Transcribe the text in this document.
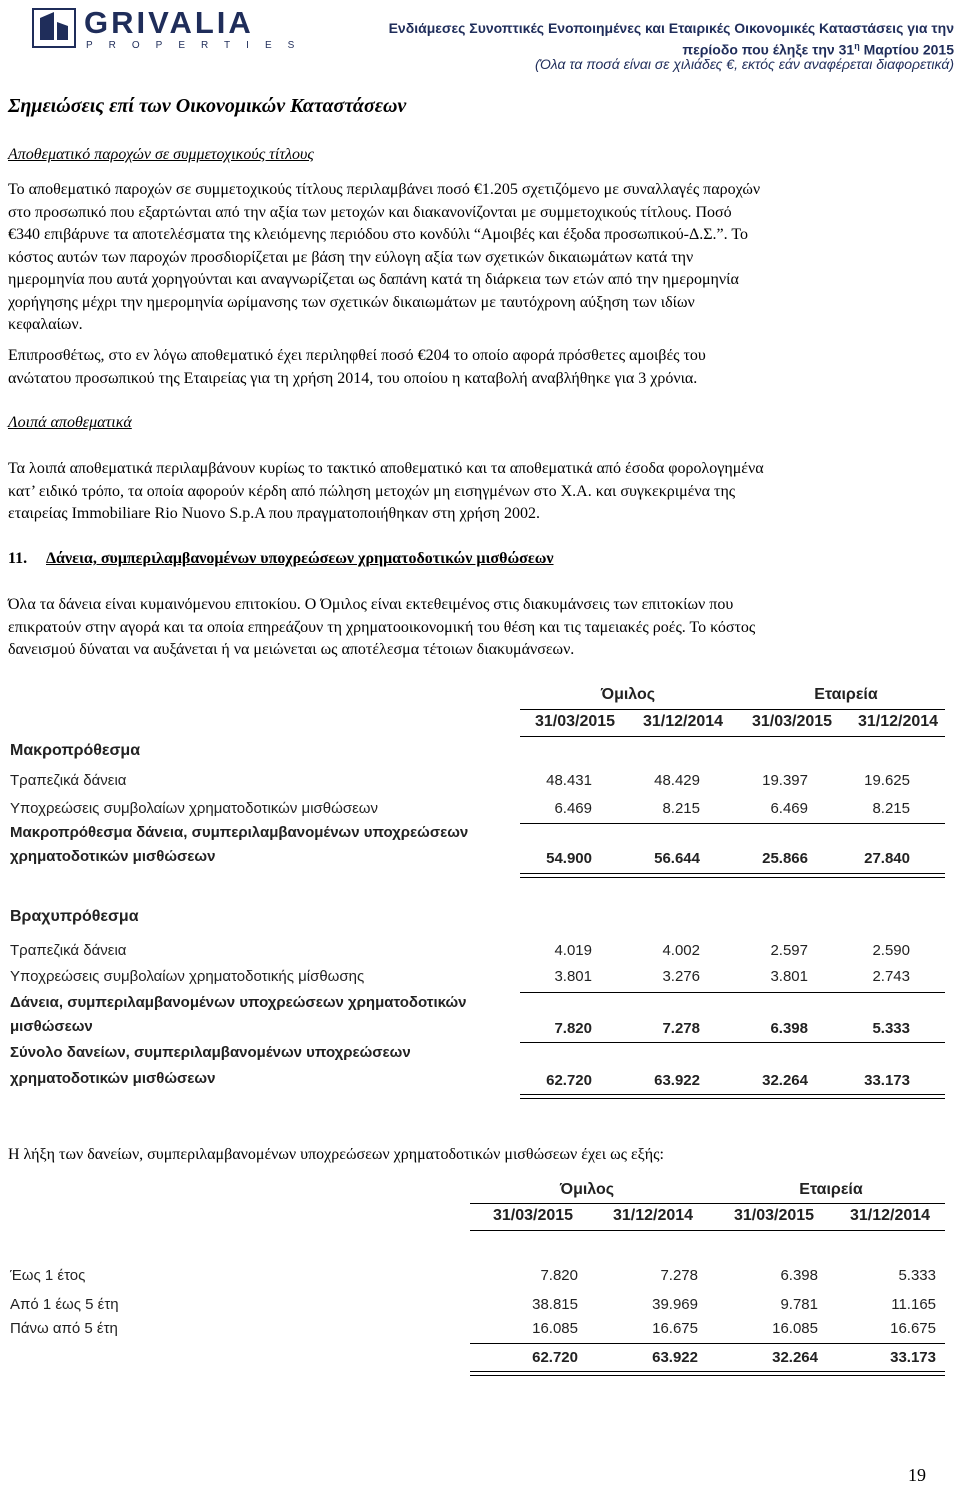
GRIVALIA
PROPERTIES
Ενδιάμεσες Συνοπτικές Ενοποιημένες και Εταιρικές Οικονομικές Καταστάσεις για την
περίοδο που έληξε την $31^\eta$ Μαρτίου 2015
(Όλα τα ποσά είναι σε χιλιάδες €, εκτός εάν αναφέρεται διαφορετικά)
Σημειώσεις επί των Οικονομικών Καταστάσεων
Αποθεματικό παροχών σε συμμετοχικούς τίτλους
Το αποθεματικό παροχών σε συμμετοχικούς τίτλους περιλαμβάνει ποσό €1.205 σχετιζόμενο με συναλλαγές παροχών
στο προσωπικό που εξαρτώνται από την αξία των μετοχών και διακανονίζονται με συμμετοχικούς τίτλους. Ποσό
€340 επιβάρυνε τα αποτελέσματα της κλειόμενης περιόδου στο κονδύλι “Αμοιβές και έξοδα προσωπικού-Δ.Σ.”. Το
κόστος αυτών των παροχών προσδιορίζεται με βάση την εύλογη αξία των σχετικών δικαιωμάτων κατά την
ημερομηνία που αυτά χορηγούνται και αναγνωρίζεται ως δαπάνη κατά τη διάρκεια των ετών από την ημερομηνία
χορήγησης μέχρι την ημερομηνία ωρίμανσης των σχετικών δικαιωμάτων με ταυτόχρονη αύξηση των ιδίων
κεφαλαίων.
Επιπροσθέτως, στο εν λόγω αποθεματικό έχει περιληφθεί ποσό €204 το οποίο αφορά πρόσθετες αμοιβές του
ανώτατου προσωπικού της Εταιρείας για τη χρήση 2014, του οποίου η καταβολή αναβλήθηκε για 3 χρόνια.
Λοιπά αποθεματικά
Τα λοιπά αποθεματικά περιλαμβάνουν κυρίως το τακτικό αποθεματικό και τα αποθεματικά από έσοδα φορολογημένα
κατ’ ειδικό τρόπο, τα οποία αφορούν κέρδη από πώληση μετοχών μη εισηγμένων στο Χ.Α. και συγκεκριμένα της
εταιρείας Immobiliare Rio Nuovo S.p.A που πραγματοποιήθηκαν στη χρήση 2002.
11. Δάνεια, συμπεριλαμβανομένων υποχρεώσεων χρηματοδοτικών μισθώσεων
Όλα τα δάνεια είναι κυμαινόμενου επιτοκίου. Ο Όμιλος είναι εκτεθειμένος στις διακυμάνσεις των επιτοκίων που
επικρατούν στην αγορά και τα οποία επηρεάζουν τη χρηματοοικονομική του θέση και τις ταμειακές ροές. Το κόστος
δανεισμού δύναται να αυξάνεται ή να μειώνεται ως αποτέλεσμα τέτοιων διακυμάνσεων.
Όμιλος	Εταιρεία
31/03/2015	31/12/2014	31/03/2015	31/12/2014
Μακροπρόθεσμα
Τραπεζικά δάνεια	48.431	48.429	19.397	19.625
Υποχρεώσεις συμβολαίων χρηματοδοτικών μισθώσεων	6.469	8.215	6.469	8.215
Μακροπρόθεσμα δάνεια, συμπεριλαμβανομένων υποχρεώσεων
χρηματοδοτικών μισθώσεων	54.900	56.644	25.866	27.840
Βραχυπρόθεσμα
Τραπεζικά δάνεια	4.019	4.002	2.597	2.590
Υποχρεώσεις συμβολαίων χρηματοδοτικής μίσθωσης	3.801	3.276	3.801	2.743
Δάνεια, συμπεριλαμβανομένων υποχρεώσεων χρηματοδοτικών
μισθώσεων	7.820	7.278	6.398	5.333
Σύνολο δανείων, συμπεριλαμβανομένων υποχρεώσεων
χρηματοδοτικών μισθώσεων	62.720	63.922	32.264	33.173
Η λήξη των δανείων, συμπεριλαμβανομένων υποχρεώσεων χρηματοδοτικών μισθώσεων έχει ως εξής:
Όμιλος	Εταιρεία
31/03/2015	31/12/2014	31/03/2015	31/12/2014
Έως 1 έτος	7.820	7.278	6.398	5.333
Από 1 έως 5 έτη	38.815	39.969	9.781	11.165
Πάνω από 5 έτη	16.085	16.675	16.085	16.675
62.720	63.922	32.264	33.173
19
